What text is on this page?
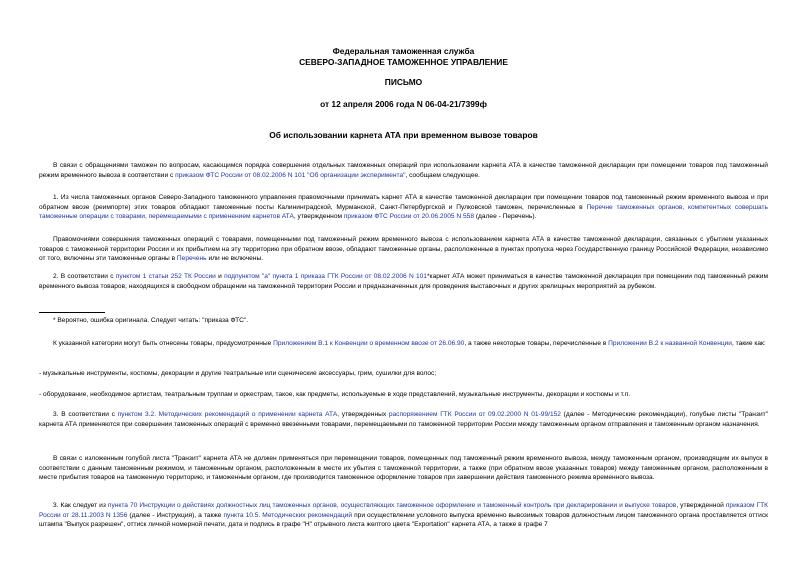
Федеральная таможенная служба
СЕВЕРО-ЗАПАДНОЕ ТАМОЖЕННОЕ УПРАВЛЕНИЕ
ПИСЬМО
от 12 апреля 2006 года N 06-04-21/7399ф
Об использовании карнета АТА при временном вывозе товаров
В связи с обращениями таможен по вопросам, касающимся порядка совершения отдельных таможенных операций при использовании карнета АТА в качестве таможенной декларации при помещении товаров под таможенный режим временного вывоза в соответствии с приказом ФТС России от 08.02.2006 N 101 "Об организации эксперимента", сообщаем следующее.
1. Из числа таможенных органов Северо-Западного таможенного управления правомочными принимать карнет АТА в качестве таможенной декларации при помещении товаров под таможенный режим временного вывоза и при обратном ввозе (реимпорте) этих товаров обладают таможенные посты Калининградской, Мурманской, Санкт-Петербургской и Пулковской таможен, перечисленные в Перечне таможенных органов, компетентных совершать таможенные операции с товарами, перемещаемыми с применением карнетов АТА, утвержденном приказом ФТС России от 20.06.2005 N 558 (далее - Перечень).
Правомочиями совершения таможенных операций с товарами, помещенными под таможенный режим временного вывоза с использованием карнета АТА в качестве таможенной декларации, связанных с убытием указанных товаров с таможенной территории России и их прибытием на эту территорию при обратном ввозе, обладают таможенные органы, расположенные в пунктах пропуска через Государственную границу Российской Федерации, независимо от того, включены эти таможенные органы в Перечень или не включены.
2. В соответствии с пунктом 1 статьи 252 ТК России и подпунктом "а" пункта 1 приказа ГТК России от 08.02.2006 N 101*карнет АТА может приниматься в качестве таможенной декларации при помещении под таможенный режим временного вывоза товаров, находящихся в свободном обращении на таможенной территории России и предназначенных для проведения выставочных и других зрелищных мероприятий за рубежом.
* Вероятно, ошибка оригинала. Следует читать: "приказа ФТС".
К указанной категории могут быть отнесены товары, предусмотренные Приложением В.1 к Конвенции о временном ввозе от 26.06.90, а также некоторые товары, перечисленные в Приложении В.2 к названной Конвенции, такие как:
- музыкальные инструменты, костюмы, декорации и другие театральные или сценические аксессуары, грим, сушилки для волос;
- оборудование, необходимое артистам, театральным труппам и оркестрам, такое, как предметы, используемые в ходе представлений, музыкальные инструменты, декорации и костюмы и т.п.
3. В соответствии с пунктом 3.2. Методических рекомендаций о применении карнета АТА, утвержденных распоряжением ГТК России от 09.02.2000 N 01-99/152 (далее - Методические рекомендации), голубые листы "Транзит" карнета АТА применяются при совершении таможенных операций с временно ввезенными товарами, перемещаемыми по таможенной территории России между таможенным органом отправления и таможенным органом назначения.
В связи с изложенным голубой листа "Транзит" карнета АТА не должен применяться при перемещении товаров, помещенных под таможенный режим временного вывоза, между таможенным органом, производящим их выпуск в соответствии с данным таможенным режимом, и таможенным органом, расположенным в месте их убытия с таможенной территории, а также (при обратном ввозе указанных товаров) между таможенным органом, расположенным в месте прибытия товаров на таможенную территорию, и таможенным органом, где производится таможенное оформление товаров при завершении действия таможенного режима временного вывоза.
3. Как следует из пункта 70 Инструкции о действиях должностных лиц таможенных органов, осуществляющих таможенное оформление и таможенный контроль при декларировании и выпуске товаров, утвержденной приказом ГТК России от 28.11.2003 N 1356 (далее - Инструкция), а также пункта 10.5. Методических рекомендаций при осуществлении условного выпуска временно вывозимых товаров должностным лицом таможенного органа проставляется оттиск штампа "Выпуск разрешен", оттиск личной номерной печати, дата и подпись в графе "H" отрывного листа желтого цвета "Exportation" карнета АТА, а также в графе 7
